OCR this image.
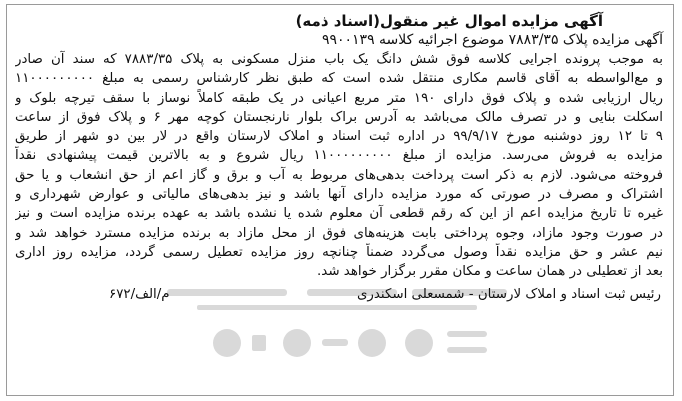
آگهی مزایده اموال غیر منقول(اسناد ذمه)
آگهی مزایده پلاک ۷۸۸۳/۳۵ موضوع اجرائیه کلاسه ۹۹۰۰۱۳۹
به موجب پرونده اجرایی کلاسه فوق شش دانگ یک باب منزل مسکونی به پلاک ۷۸۸۳/۳۵ که سند آن صادر
و مع‌الواسطه به آقای قاسم مکاری منتقل شده است که طبق نظر کارشناس رسمی به مبلغ ۱۱۰۰۰۰۰۰۰۰۰
ریال ارزیابی شده و پلاک فوق دارای ۱۹۰ متر مربع اعیانی در یک طبقه کاملاً نوساز با سقف تیرچه بلوک و
اسکلت بنایی و در تصرف مالک می‌باشد به آدرس براک بلوار نارنجستان کوچه مهر ۶ و پلاک فوق از ساعت
۹ تا ۱۲ روز دوشنبه مورخ ۹۹/۹/۱۷ در اداره ثبت اسناد و املاک لارستان واقع در لار بین دو شهر از طریق
مزایده به فروش می‌رسد. مزایده از مبلغ ۱۱۰۰۰۰۰۰۰۰۰ ریال شروع و به بالاترین قیمت پیشنهادی نقداً
فروخته می‌شود. لازم به ذکر است پرداخت بدهی‌های مربوط به آب و برق و گاز اعم از حق انشعاب و یا حق
اشتراک و مصرف در صورتی که مورد مزایده دارای آنها باشد و نیز بدهی‌های مالیاتی و عوارض شهرداری و
غیره تا تاریخ مزایده اعم از این که رقم قطعی آن معلوم شده یا نشده باشد به عهده برنده مزایده است و نیز
در صورت وجود مازاد، وجوه پرداختی بابت هزینه‌های فوق از محل مازاد به برنده مزایده مسترد خواهد شد و
نیم عشر و حق مزایده نقداً وصول می‌گردد ضمناً چنانچه روز مزایده تعطیل رسمی گردد، مزایده روز اداری
بعد از تعطیلی در همان ساعت و مکان مقرر برگزار خواهد شد.
رئیس ثبت اسناد و املاک لارستان - شمسعلی اسکندری
م/الف/۶۷۲
